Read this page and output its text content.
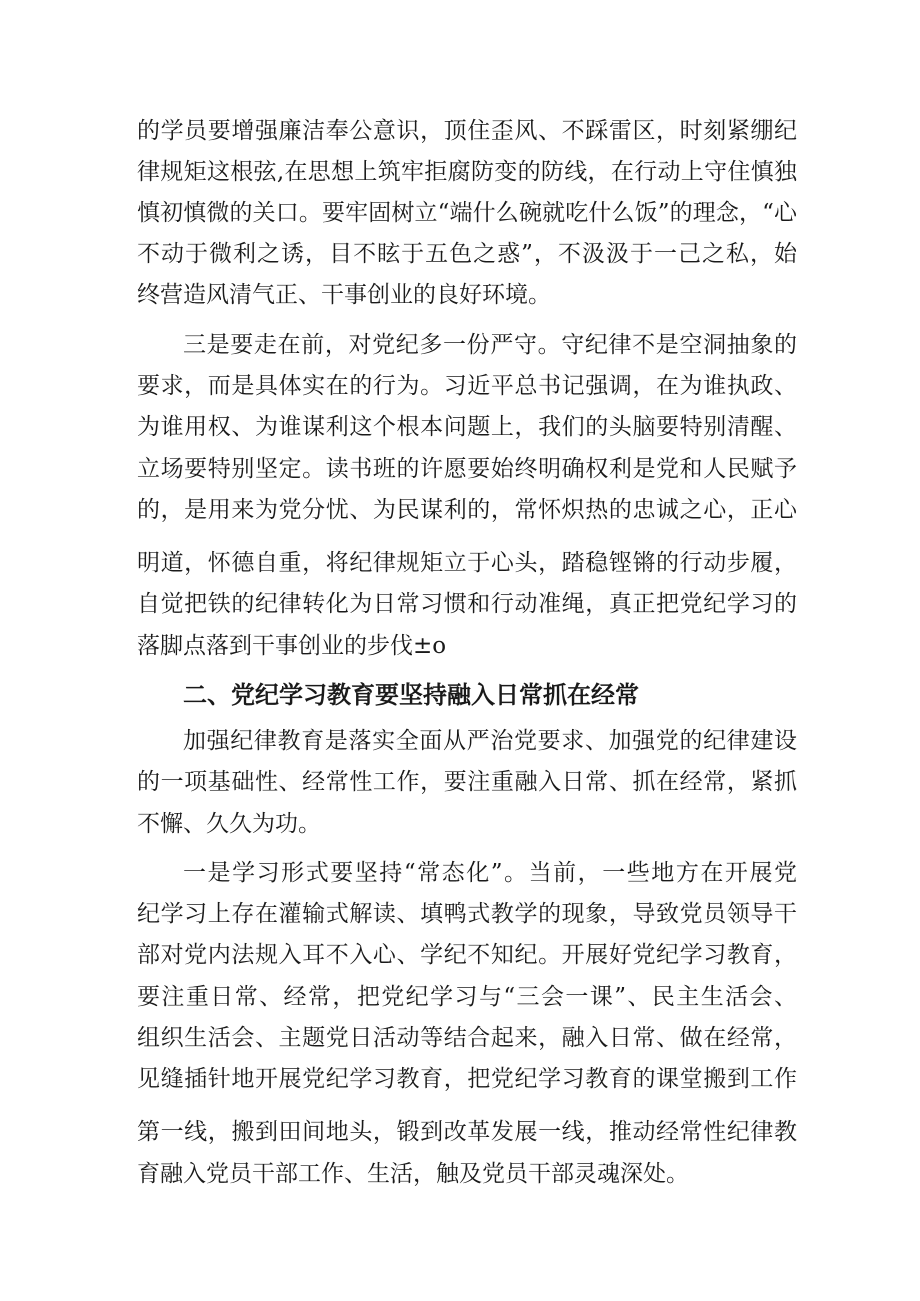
的学员要增强廉洁奉公意识，顶住歪风、不踩雷区，时刻紧绷纪
律规矩这根弦,在思想上筑牢拒腐防变的防线，在行动上守住慎独
慎初慎微的关口。要牢固树立“端什么碗就吃什么饭”的理念，“心
不动于微利之诱，目不眩于五色之惑”，不汲汲于一己之私，始
终营造风清气正、干事创业的良好环境。
三是要走在前，对党纪多一份严守。守纪律不是空洞抽象的
要求，而是具体实在的行为。习近平总书记强调，在为谁执政、
为谁用权、为谁谋利这个根本问题上，我们的头脑要特别清醒、
立场要特别坚定。读书班的许愿要始终明确权利是党和人民赋予
的，是用来为党分忧、为民谋利的，常怀炽热的忠诚之心，正心
明道，怀德自重，将纪律规矩立于心头，踏稳铿锵的行动步履，
自觉把铁的纪律转化为日常习惯和行动准绳，真正把党纪学习的
落脚点落到干事创业的步伐±o
二、党纪学习教育要坚持融入日常抓在经常
加强纪律教育是落实全面从严治党要求、加强党的纪律建设
的一项基础性、经常性工作，要注重融入日常、抓在经常，紧抓
不懈、久久为功。
一是学习形式要坚持“常态化”。当前，一些地方在开展党
纪学习上存在灌输式解读、填鸭式教学的现象，导致党员领导干
部对党内法规入耳不入心、学纪不知纪。开展好党纪学习教育，
要注重日常、经常，把党纪学习与“三会一课”、民主生活会、
组织生活会、主题党日活动等结合起来，融入日常、做在经常，
见缝插针地开展党纪学习教育，把党纪学习教育的课堂搬到工作
第一线，搬到田间地头，锻到改革发展一线，推动经常性纪律教
育融入党员干部工作、生活，触及党员干部灵魂深处。
